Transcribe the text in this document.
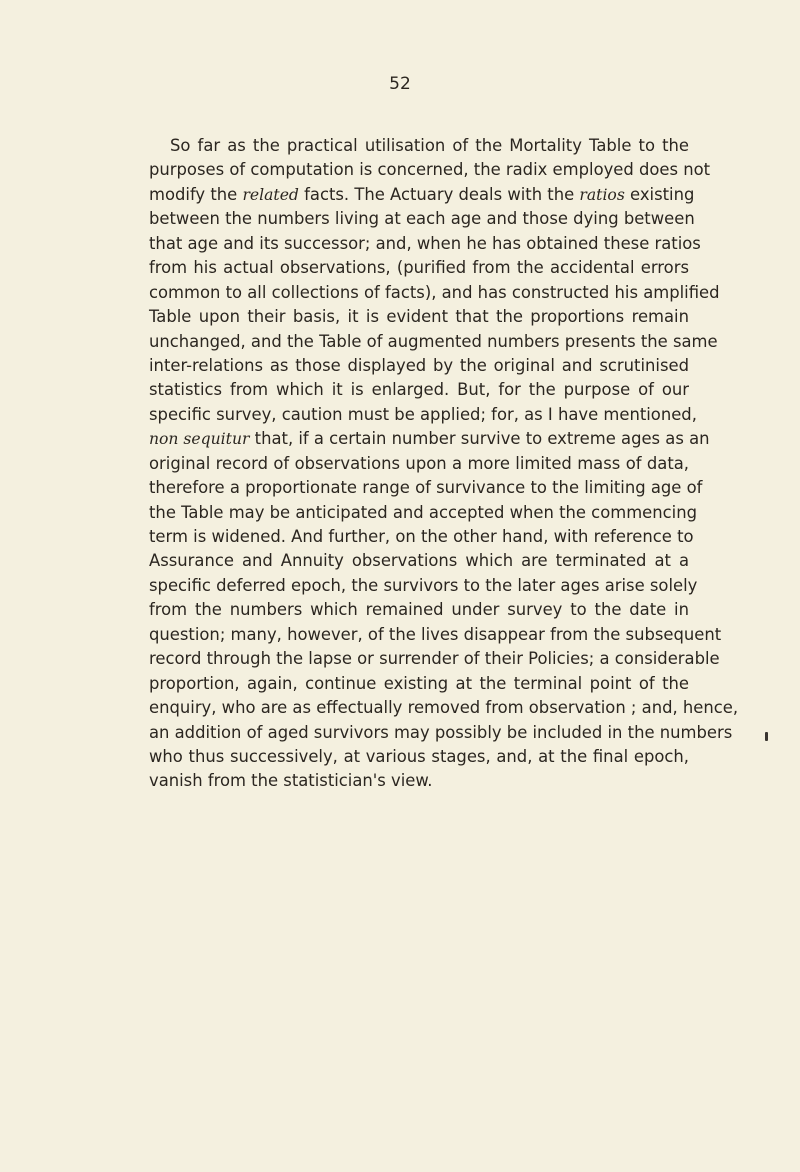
52
So far as the practical utilisation of the Mortality Table to the
purposes of computation is concerned, the radix employed does not
modify the related facts. The Actuary deals with the ratios existing
between the numbers living at each age and those dying between
that age and its successor; and, when he has obtained these ratios
from his actual observations, (purified from the accidental errors
common to all collections of facts), and has constructed his amplified
Table upon their basis, it is evident that the proportions remain
unchanged, and the Table of augmented numbers presents the same
inter-relations as those displayed by the original and scrutinised
statistics from which it is enlarged. But, for the purpose of our
specific survey, caution must be applied; for, as I have mentioned,
non sequitur that, if a certain number survive to extreme ages as an
original record of observations upon a more limited mass of data,
therefore a proportionate range of survivance to the limiting age of
the Table may be anticipated and accepted when the commencing
term is widened. And further, on the other hand, with reference to
Assurance and Annuity observations which are terminated at a
specific deferred epoch, the survivors to the later ages arise solely
from the numbers which remained under survey to the date in
question; many, however, of the lives disappear from the subsequent
record through the lapse or surrender of their Policies; a considerable
proportion, again, continue existing at the terminal point of the
enquiry, who are as effectually removed from observation ; and, hence,
an addition of aged survivors may possibly be included in the numbers
who thus successively, at various stages, and, at the final epoch,
vanish from the statistician's view.
